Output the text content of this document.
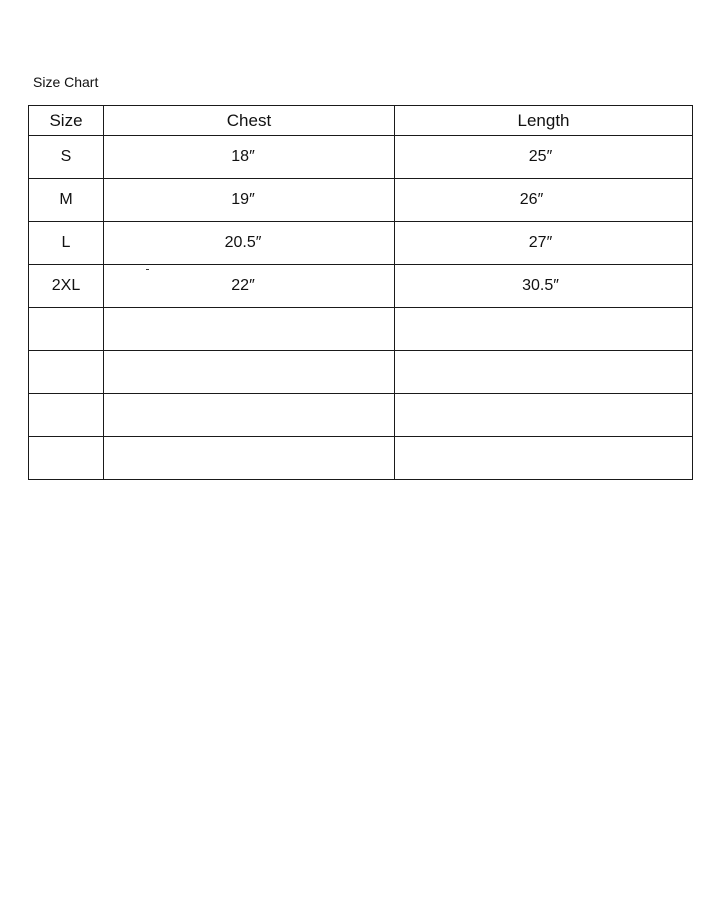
Size Chart
Size	Chest	Length
S	18″	25″
M	19″	26″
L	20.5″	27″
2XL	22″	30.5″
